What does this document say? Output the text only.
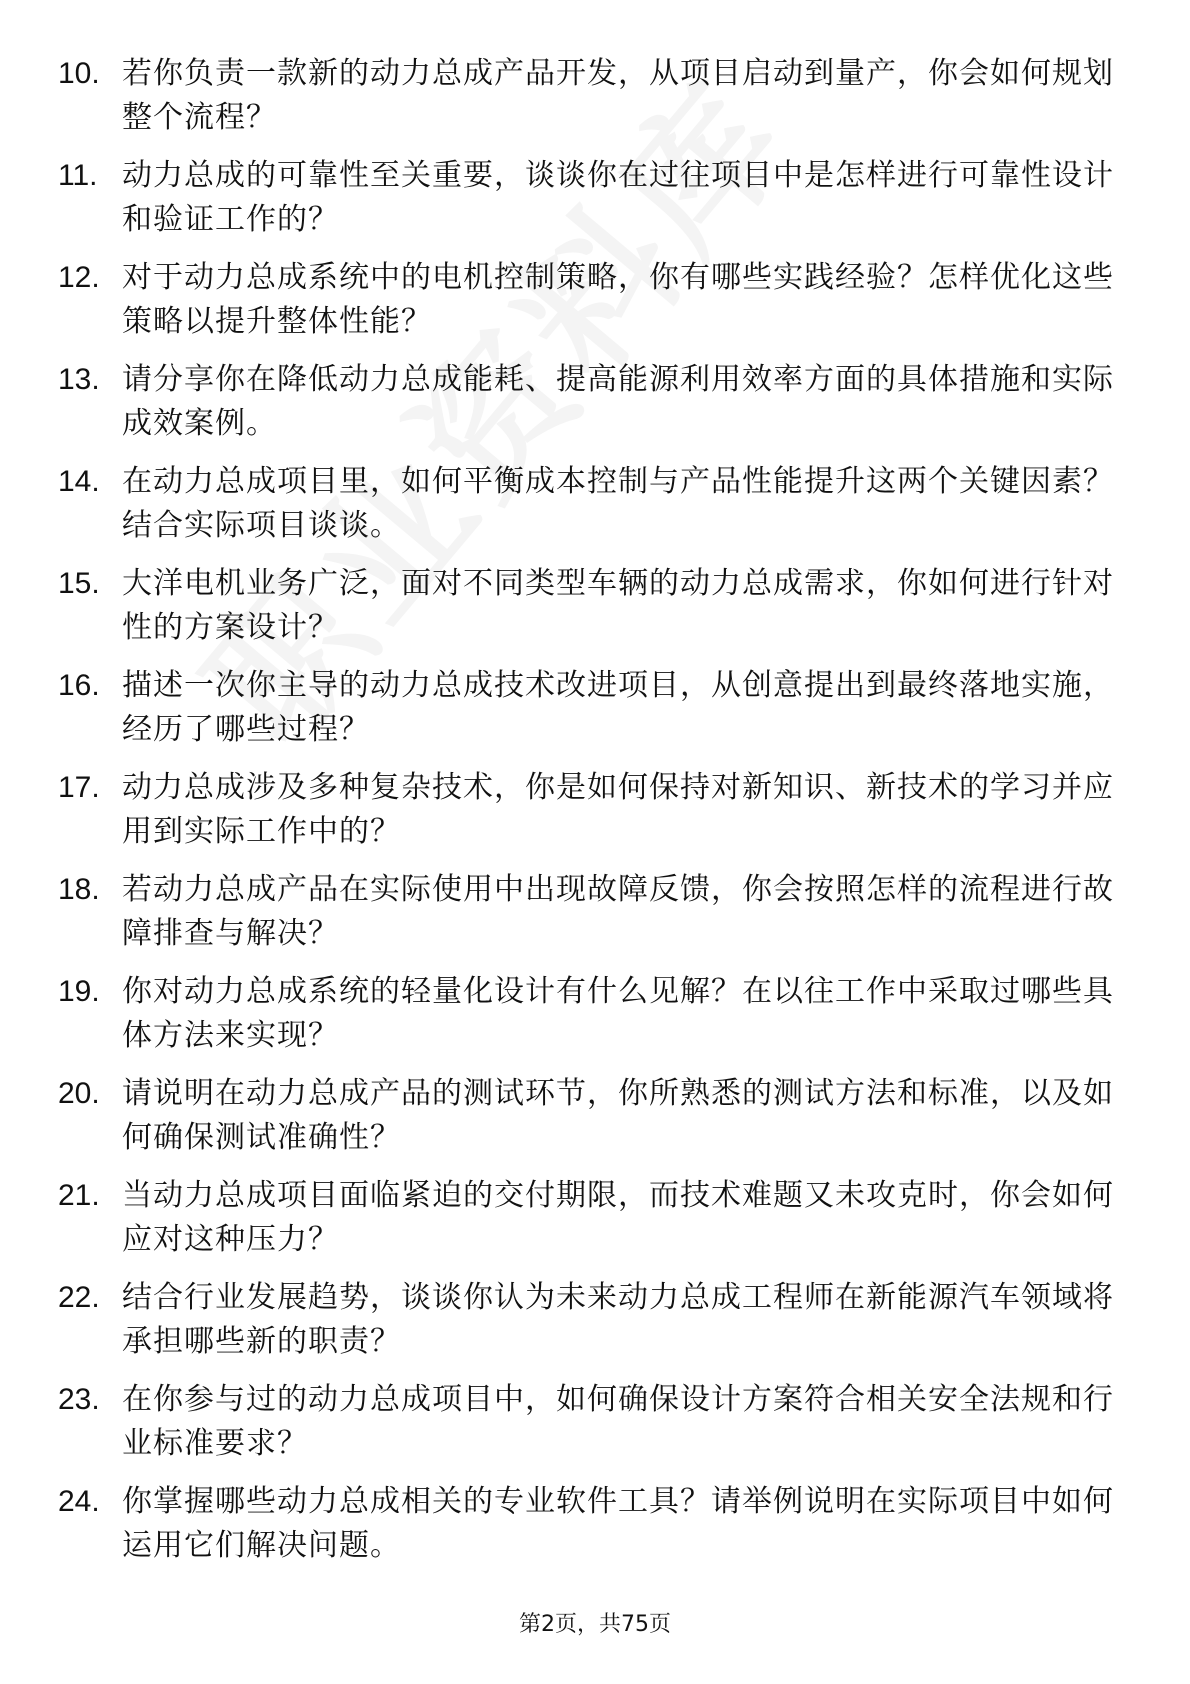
10. 若你负责一款新的动力总成产品开发，从项目启动到量产，你会如何规划整个流程？
11. 动力总成的可靠性至关重要，谈谈你在过往项目中是怎样进行可靠性设计和验证工作的？
12. 对于动力总成系统中的电机控制策略，你有哪些实践经验？怎样优化这些策略以提升整体性能？
13. 请分享你在降低动力总成能耗、提高能源利用效率方面的具体措施和实际成效案例。
14. 在动力总成项目里，如何平衡成本控制与产品性能提升这两个关键因素？结合实际项目谈谈。
15. 大洋电机业务广泛，面对不同类型车辆的动力总成需求，你如何进行针对性的方案设计？
16. 描述一次你主导的动力总成技术改进项目，从创意提出到最终落地实施，经历了哪些过程？
17. 动力总成涉及多种复杂技术，你是如何保持对新知识、新技术的学习并应用到实际工作中的？
18. 若动力总成产品在实际使用中出现故障反馈，你会按照怎样的流程进行故障排查与解决？
19. 你对动力总成系统的轻量化设计有什么见解？在以往工作中采取过哪些具体方法来实现？
20. 请说明在动力总成产品的测试环节，你所熟悉的测试方法和标准，以及如何确保测试准确性？
21. 当动力总成项目面临紧迫的交付期限，而技术难题又未攻克时，你会如何应对这种压力？
22. 结合行业发展趋势，谈谈你认为未来动力总成工程师在新能源汽车领域将承担哪些新的职责？
23. 在你参与过的动力总成项目中，如何确保设计方案符合相关安全法规和行业标准要求？
24. 你掌握哪些动力总成相关的专业软件工具？请举例说明在实际项目中如何运用它们解决问题。
第2页，共75页
